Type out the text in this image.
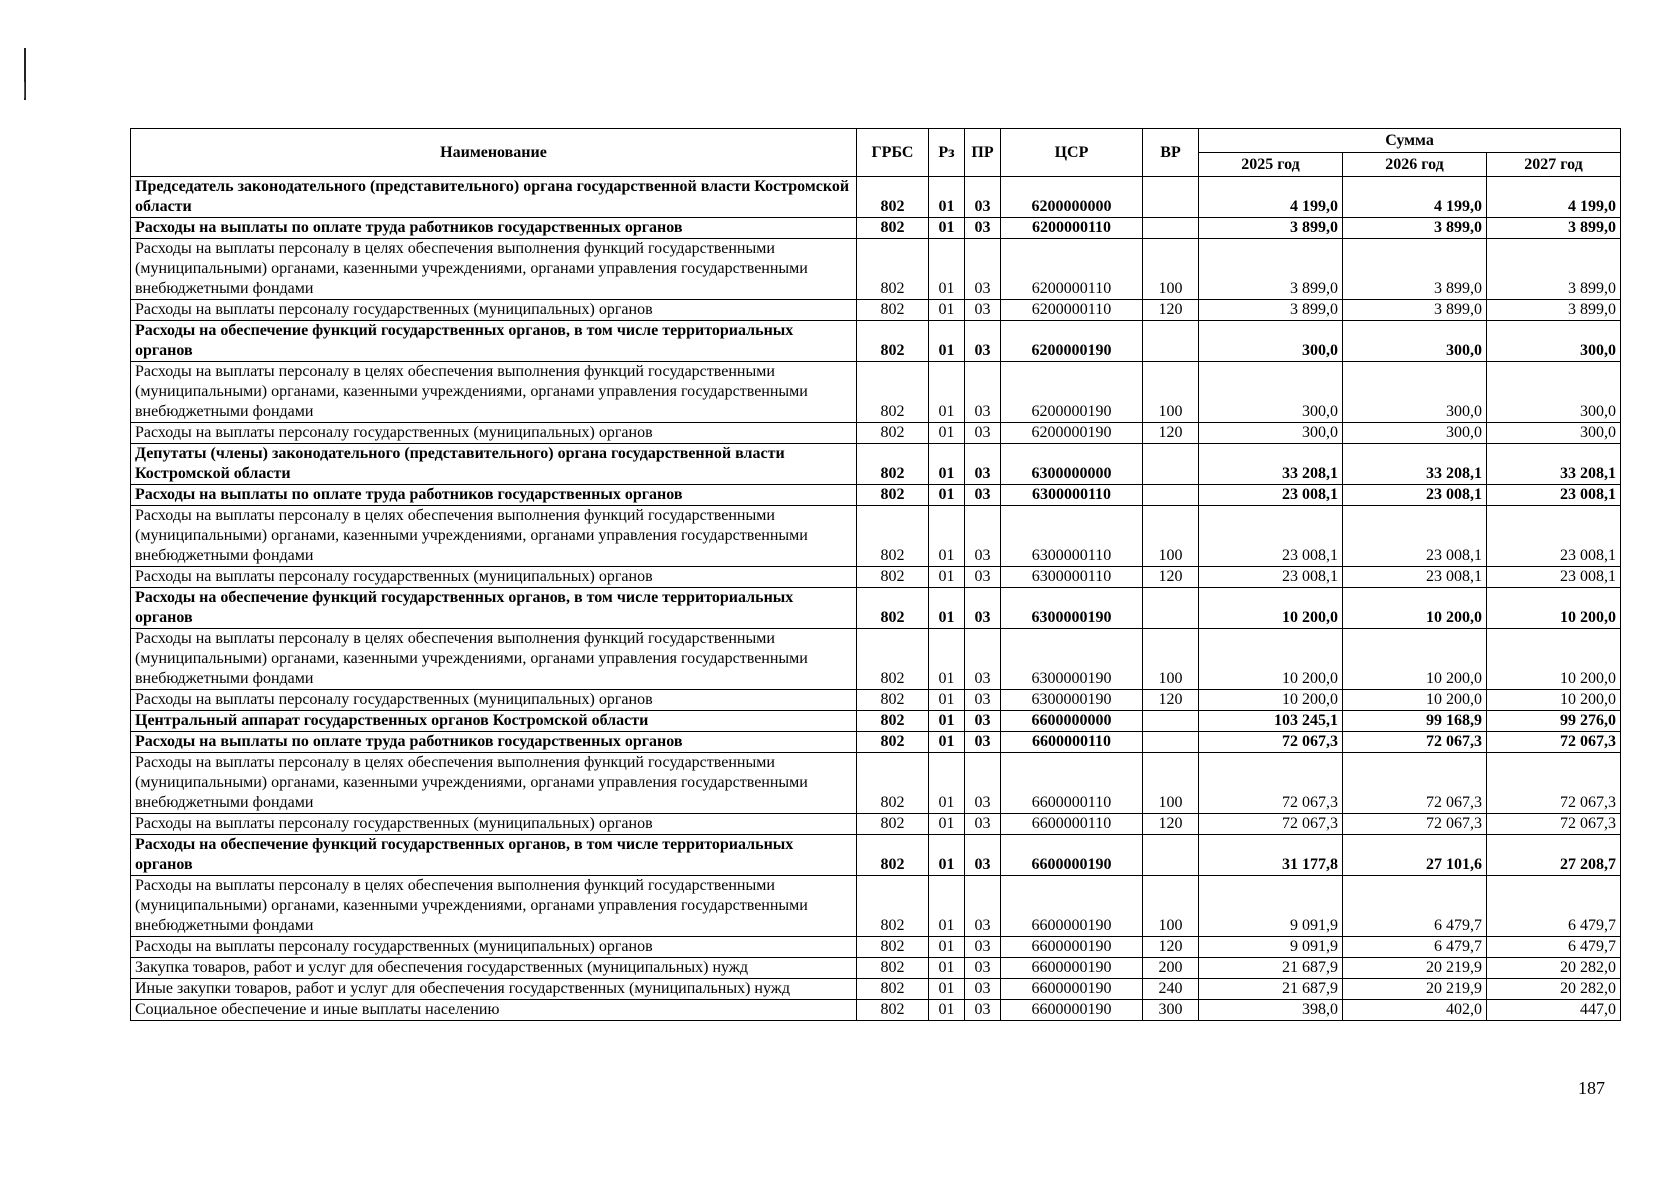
Наименование	ГРБС	Рз	ПР	ЦСР	ВР	Сумма		
						2025 год	2026 год	2027 год
Председатель законодательного (представительного) органа государственной власти Костромской области	802	01	03	6200000000		4 199,0	4 199,0	4 199,0
Расходы на выплаты по оплате труда работников государственных органов	802	01	03	6200000110		3 899,0	3 899,0	3 899,0
Расходы на выплаты персоналу в целях обеспечения выполнения функций государственными (муниципальными) органами, казенными учреждениями, органами управления государственными внебюджетными фондами	802	01	03	6200000110	100	3 899,0	3 899,0	3 899,0
Расходы на выплаты персоналу государственных (муниципальных) органов	802	01	03	6200000110	120	3 899,0	3 899,0	3 899,0
Расходы на обеспечение функций государственных органов, в том числе территориальных органов	802	01	03	6200000190		300,0	300,0	300,0
Расходы на выплаты персоналу в целях обеспечения выполнения функций государственными (муниципальными) органами, казенными учреждениями, органами управления государственными внебюджетными фондами	802	01	03	6200000190	100	300,0	300,0	300,0
Расходы на выплаты персоналу государственных (муниципальных) органов	802	01	03	6200000190	120	300,0	300,0	300,0
Депутаты (члены) законодательного (представительного) органа государственной власти Костромской области	802	01	03	6300000000		33 208,1	33 208,1	33 208,1
Расходы на выплаты по оплате труда работников государственных органов	802	01	03	6300000110		23 008,1	23 008,1	23 008,1
Расходы на выплаты персоналу в целях обеспечения выполнения функций государственными (муниципальными) органами, казенными учреждениями, органами управления государственными внебюджетными фондами	802	01	03	6300000110	100	23 008,1	23 008,1	23 008,1
Расходы на выплаты персоналу государственных (муниципальных) органов	802	01	03	6300000110	120	23 008,1	23 008,1	23 008,1
Расходы на обеспечение функций государственных органов, в том числе территориальных органов	802	01	03	6300000190		10 200,0	10 200,0	10 200,0
Расходы на выплаты персоналу в целях обеспечения выполнения функций государственными (муниципальными) органами, казенными учреждениями, органами управления государственными внебюджетными фондами	802	01	03	6300000190	100	10 200,0	10 200,0	10 200,0
Расходы на выплаты персоналу государственных (муниципальных) органов	802	01	03	6300000190	120	10 200,0	10 200,0	10 200,0
Центральный аппарат государственных органов Костромской области	802	01	03	6600000000		103 245,1	99 168,9	99 276,0
Расходы на выплаты по оплате труда работников государственных органов	802	01	03	6600000110		72 067,3	72 067,3	72 067,3
Расходы на выплаты персоналу в целях обеспечения выполнения функций государственными (муниципальными) органами, казенными учреждениями, органами управления государственными внебюджетными фондами	802	01	03	6600000110	100	72 067,3	72 067,3	72 067,3
Расходы на выплаты персоналу государственных (муниципальных) органов	802	01	03	6600000110	120	72 067,3	72 067,3	72 067,3
Расходы на обеспечение функций государственных органов, в том числе территориальных органов	802	01	03	6600000190		31 177,8	27 101,6	27 208,7
Расходы на выплаты персоналу в целях обеспечения выполнения функций государственными (муниципальными) органами, казенными учреждениями, органами управления государственными внебюджетными фондами	802	01	03	6600000190	100	9 091,9	6 479,7	6 479,7
Расходы на выплаты персоналу государственных (муниципальных) органов	802	01	03	6600000190	120	9 091,9	6 479,7	6 479,7
Закупка товаров, работ и услуг для обеспечения государственных (муниципальных) нужд	802	01	03	6600000190	200	21 687,9	20 219,9	20 282,0
Иные закупки товаров, работ и услуг для обеспечения государственных (муниципальных) нужд	802	01	03	6600000190	240	21 687,9	20 219,9	20 282,0
Социальное обеспечение и иные выплаты населению	802	01	03	6600000190	300	398,0	402,0	447,0
187
